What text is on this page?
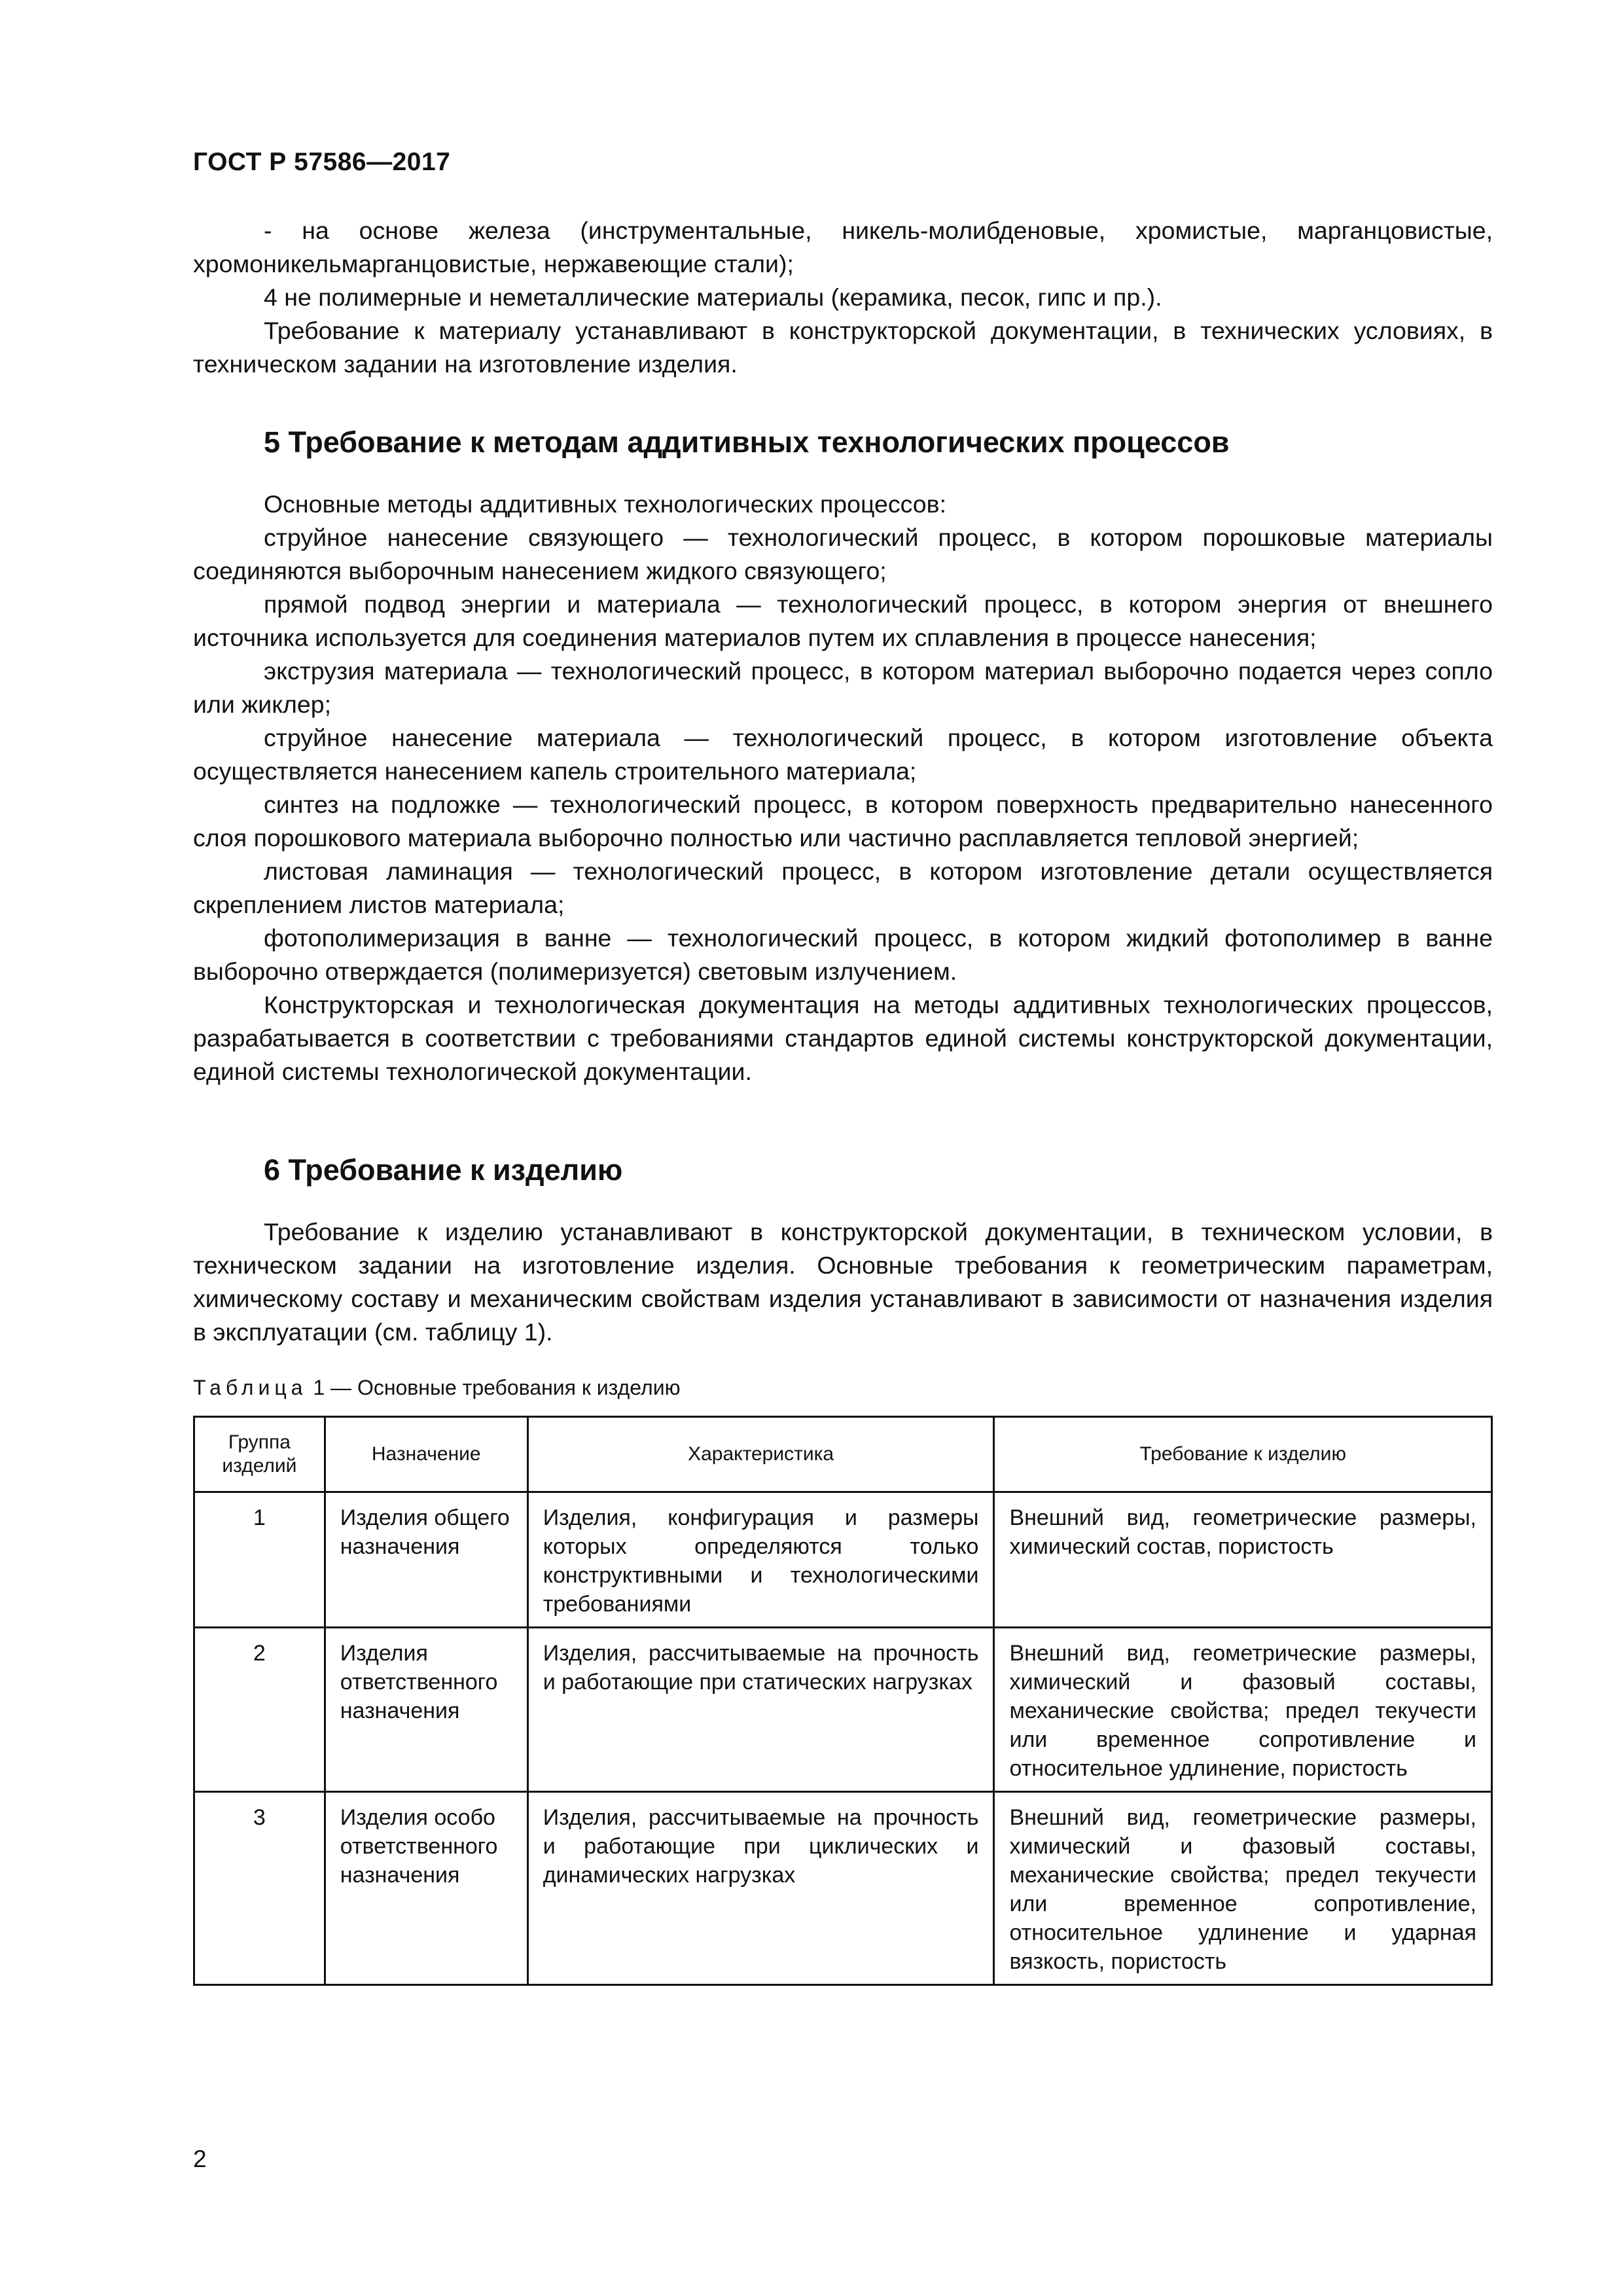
ГОСТ Р 57586—2017

- на основе железа (инструментальные, никель-молибденовые, хромистые, марганцовистые, хромоникельмарганцовистые, нержавеющие стали);

4 не полимерные и неметаллические материалы (керамика, песок, гипс и пр.).

Требование к материалу устанавливают в конструкторской документации, в технических условиях, в техническом задании на изготовление изделия.

5 Требование к методам аддитивных технологических процессов

Основные методы аддитивных технологических процессов:

струйное нанесение связующего — технологический процесс, в котором порошковые материалы соединяются выборочным нанесением жидкого связующего;

прямой подвод энергии и материала — технологический процесс, в котором энергия от внешнего источника используется для соединения материалов путем их сплавления в процессе нанесения;

экструзия материала — технологический процесс, в котором материал выборочно подается через сопло или жиклер;

струйное нанесение материала — технологический процесс, в котором изготовление объекта осуществляется нанесением капель строительного материала;

синтез на подложке — технологический процесс, в котором поверхность предварительно нанесенного слоя порошкового материала выборочно полностью или частично расплавляется тепловой энергией;

листовая ламинация — технологический процесс, в котором изготовление детали осуществляется скреплением листов материала;

фотополимеризация в ванне — технологический процесс, в котором жидкий фотополимер в ванне выборочно отверждается (полимеризуется) световым излучением.

Конструкторская и технологическая документация на методы аддитивных технологических процессов, разрабатывается в соответствии с требованиями стандартов единой системы конструкторской документации, единой системы технологической документации.

6 Требование к изделию

Требование к изделию устанавливают в конструкторской документации, в техническом условии, в техническом задании на изготовление изделия. Основные требования к геометрическим параметрам, химическому составу и механическим свойствам изделия устанавливают в зависимости от назначения изделия в эксплуатации (см. таблицу 1).

Таблица 1 — Основные требования к изделию
Группа изделий	Назначение	Характеристика	Требование к изделию
1	Изделия общего назначения	Изделия, конфигурация и размеры которых определяются только конструктивными и технологическими требованиями	Внешний вид, геометрические размеры, химический состав, пористость
2	Изделия ответственного назначения	Изделия, рассчитываемые на прочность и работающие при статических нагрузках	Внешний вид, геометрические размеры, химический и фазовый составы, механические свойства; предел текучести или временное сопротивление и относительное удлинение, пористость
3	Изделия особо ответственного назначения	Изделия, рассчитываемые на прочность и работающие при циклических и динамических нагрузках	Внешний вид, геометрические размеры, химический и фазовый составы, механические свойства; предел текучести или временное сопротивление, относительное удлинение и ударная вязкость, пористость
2
